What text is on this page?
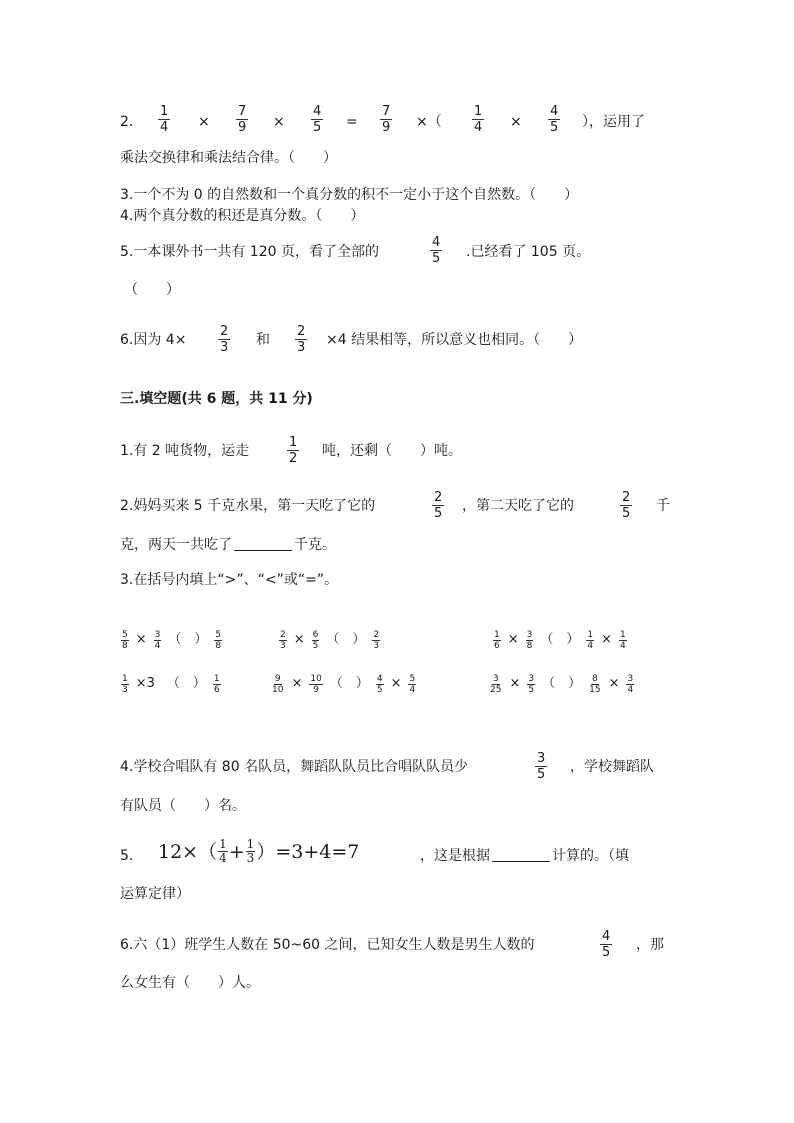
2. $\frac{1}{4} \times \frac{7}{9} \times \frac{4}{5} = \frac{7}{9}$ ×（ $\frac{1}{4} \times \frac{4}{5}$ ），运用了
乘法交换律和乘法结合律。（　　）
3.一个不为 0 的自然数和一个真分数的积不一定小于这个自然数。（　　）
4.两个真分数的积还是真分数。（　　）
5.一本课外书一共有 120 页，看了全部的	$\frac{4}{5}$ .已经看了 105 页。
（　　）
6.因为 $4\times \frac{2}{3}$ 和 $\frac{2}{3} \times 4$ 结果相等，所以意义也相同。（　　）
三.填空题(共 6 题，共 11 分)
1.有 2 吨货物，运走	$\frac{1}{2}$ 吨，还剩（　　）吨。
2.妈妈买来 5 千克水果，第一天吃了它的	$\frac{2}{5}$ ，第二天吃了它的	$\frac{2}{5}$ 千
克，两天一共吃了	千克。
3.在括号内填上“>”、“<”或“=”。
$\frac{5}{8} \times \frac{3}{4}$ （　） $\frac{5}{8}$	$\frac{2}{3} \times \frac{6}{5}$ （　） $\frac{2}{3}$	$\frac{1}{6} \times \frac{3}{8}$ （　） $\frac{1}{4} \times \frac{1}{4}$
$\frac{1}{3} \times 3$ （　） $\frac{1}{6}$	$\frac{9}{10} \times \frac{10}{9}$ （　） $\frac{4}{5} \times \frac{5}{4}$	$\frac{3}{25} \times \frac{3}{5}$ （　） $\frac{8}{15} \times \frac{3}{4}$
4.学校合唱队有 80 名队员，舞蹈队队员比合唱队队员少	$\frac{3}{5}$ ，学校舞蹈队
有队员（　　）名。
5. $12\times( \frac{1}{4} + \frac{1}{3} )=3+4=7$	，这是根据	计算的。（填
运算定律）
6.六（1）班学生人数在 50~60 之间，已知女生人数是男生人数的	$\frac{4}{5}$ ，那
么女生有（　　）人。
